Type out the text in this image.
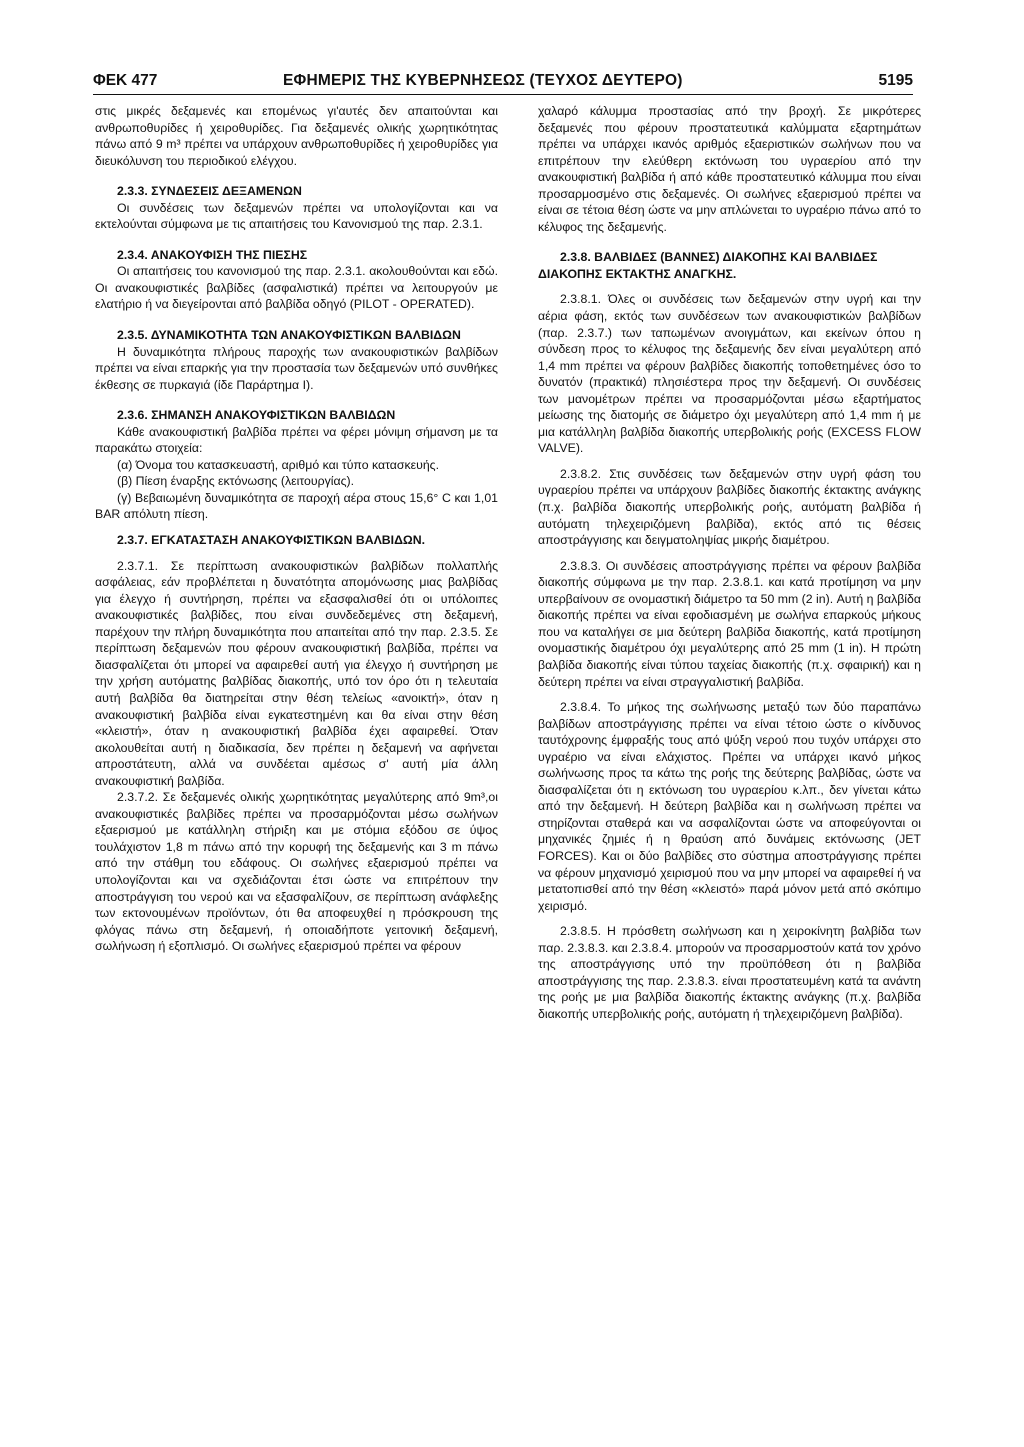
ΦΕΚ 477	ΕΦΗΜΕΡΙΣ ΤΗΣ ΚΥΒΕΡΝΗΣΕΩΣ (ΤΕΥΧΟΣ ΔΕΥΤΕΡΟ)	5195

στις μικρές δεξαμενές και επομένως γι'αυτές δεν απαιτούνται και ανθρωποθυρίδες ή χειροθυρίδες. Για δεξαμενές ολικής χωρητικότητας πάνω από 9 m³ πρέπει να υπάρχουν ανθρωποθυρίδες ή χειροθυρίδες για διευκόλυνση του περιοδικού ελέγχου.

2.3.3. ΣΥΝΔΕΣΕΙΣ ΔΕΞΑΜΕΝΩΝ

Οι συνδέσεις των δεξαμενών πρέπει να υπολογίζονται και να εκτελούνται σύμφωνα με τις απαιτήσεις του Κανονισμού της παρ. 2.3.1.

2.3.4. ΑΝΑΚΟΥΦΙΣΗ ΤΗΣ ΠΙΕΣΗΣ

Οι απαιτήσεις του κανονισμού της παρ. 2.3.1. ακολουθούνται και εδώ. Οι ανακουφιστικές βαλβίδες (ασφαλιστικά) πρέπει να λειτουργούν με ελατήριο ή να διεγείρονται από βαλβίδα οδηγό (PILOT - OPERATED).

2.3.5. ΔΥΝΑΜΙΚΟΤΗΤΑ ΤΩΝ ΑΝΑΚΟΥΦΙΣΤΙΚΩΝ ΒΑΛΒΙΔΩΝ

Η δυναμικότητα πλήρους παροχής των ανακουφιστικών βαλβίδων πρέπει να είναι επαρκής για την προστασία των δεξαμενών υπό συνθήκες έκθεσης σε πυρκαγιά (ίδε Παράρτημα Ι).

2.3.6. ΣΗΜΑΝΣΗ ΑΝΑΚΟΥΦΙΣΤΙΚΩΝ ΒΑΛΒΙΔΩΝ

Κάθε ανακουφιστική βαλβίδα πρέπει να φέρει μόνιμη σήμανση με τα παρακάτω στοιχεία:

(α) Όνομα του κατασκευαστή, αριθμό και τύπο κατασκευής.

(β) Πίεση έναρξης εκτόνωσης (λειτουργίας).

(γ) Βεβαιωμένη δυναμικότητα σε παροχή αέρα στους 15,6° C και 1,01 BAR απόλυτη πίεση.

2.3.7. ΕΓΚΑΤΑΣΤΑΣΗ ΑΝΑΚΟΥΦΙΣΤΙΚΩΝ ΒΑΛΒΙΔΩΝ.

2.3.7.1. Σε περίπτωση ανακουφιστικών βαλβίδων πολλαπλής ασφάλειας, εάν προβλέπεται η δυνατότητα απομόνωσης μιας βαλβίδας για έλεγχο ή συντήρηση, πρέπει να εξασφαλισθεί ότι οι υπόλοιπες ανακουφιστικές βαλβίδες, που είναι συνδεδεμένες στη δεξαμενή, παρέχουν την πλήρη δυναμικότητα που απαιτείται από την παρ. 2.3.5. Σε περίπτωση δεξαμενών που φέρουν ανακουφιστική βαλβίδα, πρέπει να διασφαλίζεται ότι μπορεί να αφαιρεθεί αυτή για έλεγχο ή συντήρηση με την χρήση αυτόματης βαλβίδας διακοπής, υπό τον όρο ότι η τελευταία αυτή βαλβίδα θα διατηρείται στην θέση τελείως «ανοικτή», όταν η ανακουφιστική βαλβίδα είναι εγκατεστημένη και θα είναι στην θέση «κλειστή», όταν η ανακουφιστική βαλβίδα έχει αφαιρεθεί. Όταν ακολουθείται αυτή η διαδικασία, δεν πρέπει η δεξαμενή να αφήνεται απροστάτευτη, αλλά να συνδέεται αμέσως σ' αυτή μία άλλη ανακουφιστική βαλβίδα.

2.3.7.2. Σε δεξαμενές ολικής χωρητικότητας μεγαλύτερης από 9m³,οι ανακουφιστικές βαλβίδες πρέπει να προσαρμόζονται μέσω σωλήνων εξαερισμού με κατάλληλη στήριξη και με στόμια εξόδου σε ύψος τουλάχιστον 1,8 m πάνω από την κορυφή της δεξαμενής και 3 m πάνω από την στάθμη του εδάφους. Οι σωλήνες εξαερισμού πρέπει να υπολογίζονται και να σχεδιάζονται έτσι ώστε να επιτρέπουν την αποστράγγιση του νερού και να εξασφαλίζουν, σε περίπτωση ανάφλεξης των εκτονουμένων προϊόντων, ότι θα αποφευχθεί η πρόσκρουση της φλόγας πάνω στη δεξαμενή, ή οποιαδήποτε γειτονική δεξαμενή, σωλήνωση ή εξοπλισμό. Οι σωλήνες εξαερισμού πρέπει να φέρουν

χαλαρό κάλυμμα προστασίας από την βροχή. Σε μικρότερες δεξαμενές που φέρουν προστατευτικά καλύμματα εξαρτημάτων πρέπει να υπάρχει ικανός αριθμός εξαεριστικών σωλήνων που να επιτρέπουν την ελεύθερη εκτόνωση του υγραερίου από την ανακουφιστική βαλβίδα ή από κάθε προστατευτικό κάλυμμα που είναι προσαρμοσμένο στις δεξαμενές. Οι σωλήνες εξαερισμού πρέπει να είναι σε τέτοια θέση ώστε να μην απλώνεται το υγραέριο πάνω από το κέλυφος της δεξαμενής.

2.3.8. ΒΑΛΒΙΔΕΣ (ΒΑΝΝΕΣ) ΔΙΑΚΟΠΗΣ ΚΑΙ ΒΑΛΒΙΔΕΣ ΔΙΑΚΟΠΗΣ ΕΚΤΑΚΤΗΣ ΑΝΑΓΚΗΣ.

2.3.8.1. Όλες οι συνδέσεις των δεξαμενών στην υγρή και την αέρια φάση, εκτός των συνδέσεων των ανακουφιστικών βαλβίδων (παρ. 2.3.7.) των ταπωμένων ανοιγμάτων, και εκείνων όπου η σύνδεση προς το κέλυφος της δεξαμενής δεν είναι μεγαλύτερη από 1,4 mm πρέπει να φέρουν βαλβίδες διακοπής τοποθετημένες όσο το δυνατόν (πρακτικά) πλησιέστερα προς την δεξαμενή. Οι συνδέσεις των μανομέτρων πρέπει να προσαρμόζονται μέσω εξαρτήματος μείωσης της διατομής σε διάμετρο όχι μεγαλύτερη από 1,4 mm ή με μια κατάλληλη βαλβίδα διακοπής υπερβολικής ροής (EXCESS FLOW VALVE).

2.3.8.2. Στις συνδέσεις των δεξαμενών στην υγρή φάση του υγραερίου πρέπει να υπάρχουν βαλβίδες διακοπής έκτακτης ανάγκης (π.χ. βαλβίδα διακοπής υπερβολικής ροής, αυτόματη βαλβίδα ή αυτόματη τηλεχειριζόμενη βαλβίδα), εκτός από τις θέσεις αποστράγγισης και δειγματοληψίας μικρής διαμέτρου.

2.3.8.3. Οι συνδέσεις αποστράγγισης πρέπει να φέρουν βαλβίδα διακοπής σύμφωνα με την παρ. 2.3.8.1. και κατά προτίμηση να μην υπερβαίνουν σε ονομαστική διάμετρο τα 50 mm (2 in). Αυτή η βαλβίδα διακοπής πρέπει να είναι εφοδιασμένη με σωλήνα επαρκούς μήκους που να καταλήγει σε μια δεύτερη βαλβίδα διακοπής, κατά προτίμηση ονομαστικής διαμέτρου όχι μεγαλύτερης από 25 mm (1 in). Η πρώτη βαλβίδα διακοπής είναι τύπου ταχείας διακοπής (π.χ. σφαιρική) και η δεύτερη πρέπει να είναι στραγγαλιστική βαλβίδα.

2.3.8.4. Το μήκος της σωλήνωσης μεταξύ των δύο παραπάνω βαλβίδων αποστράγγισης πρέπει να είναι τέτοιο ώστε ο κίνδυνος ταυτόχρονης έμφραξής τους από ψύξη νερού που τυχόν υπάρχει στο υγραέριο να είναι ελάχιστος. Πρέπει να υπάρχει ικανό μήκος σωλήνωσης προς τα κάτω της ροής της δεύτερης βαλβίδας, ώστε να διασφαλίζεται ότι η εκτόνωση του υγραερίου κ.λπ., δεν γίνεται κάτω από την δεξαμενή. Η δεύτερη βαλβίδα και η σωλήνωση πρέπει να στηρίζονται σταθερά και να ασφαλίζονται ώστε να αποφεύγονται οι μηχανικές ζημιές ή η θραύση από δυνάμεις εκτόνωσης (JET FORCES). Και οι δύο βαλβίδες στο σύστημα αποστράγγισης πρέπει να φέρουν μηχανισμό χειρισμού που να μην μπορεί να αφαιρεθεί ή να μετατοπισθεί από την θέση «κλειστό» παρά μόνον μετά από σκόπιμο χειρισμό.

2.3.8.5. Η πρόσθετη σωλήνωση και η χειροκίνητη βαλβίδα των παρ. 2.3.8.3. και 2.3.8.4. μπορούν να προσαρμοστούν κατά τον χρόνο της αποστράγγισης υπό την προϋπόθεση ότι η βαλβίδα αποστράγγισης της παρ. 2.3.8.3. είναι προστατευμένη κατά τα ανάντη της ροής με μια βαλβίδα διακοπής έκτακτης ανάγκης (π.χ. βαλβίδα διακοπής υπερβολικής ροής, αυτόματη ή τηλεχειριζόμενη βαλβίδα).
